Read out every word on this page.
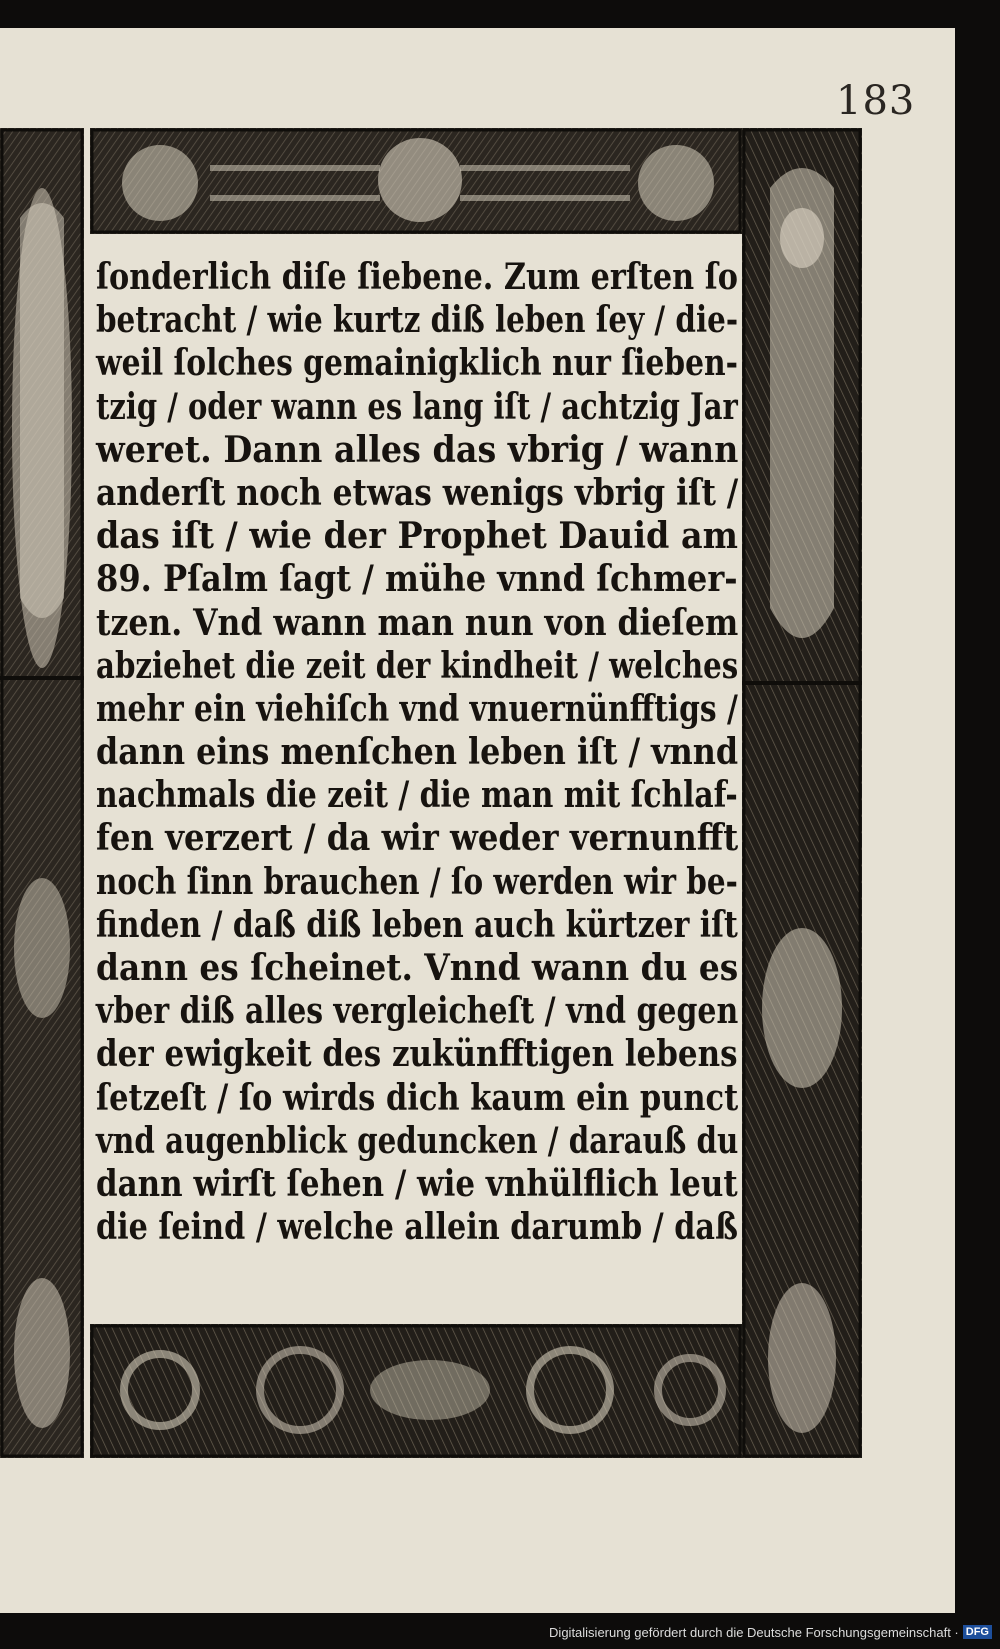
183
ſonderlich diſe ſiebene. Zum erſten ſo
betracht / wie kurtz diß leben ſey / die-
weil ſolches gemainigklich nur ſieben-
tzig / oder wann es lang iſt / achtzig Jar
weret. Dann alles das vbrig / wann
anderſt noch etwas wenigs vbrig iſt /
das iſt / wie der Prophet Dauid am
89. Pſalm ſagt / mühe vnnd ſchmer-
tzen. Vnd wann man nun von dieſem
abziehet die zeit der kindheit / welches
mehr ein viehiſch vnd vnuernünfftigs /
dann eins menſchen leben iſt / vnnd
nachmals die zeit / die man mit ſchlaf-
fen verzert / da wir weder vernunfft
noch ſinn brauchen / ſo werden wir be-
finden / daß diß leben auch kürtzer iſt
dann es ſcheinet. Vnnd wann du es
vber diß alles vergleicheſt / vnd gegen
der ewigkeit des zukünfftigen lebens
ſetzeſt / ſo wirds dich kaum ein punct
vnd augenblick geduncken / darauß du
dann wirſt ſehen / wie vnhülflich leut
die ſeind / welche allein darumb / daß
Digitalisierung gefördert durch die Deutsche Forschungsgemeinschaft · DFG
